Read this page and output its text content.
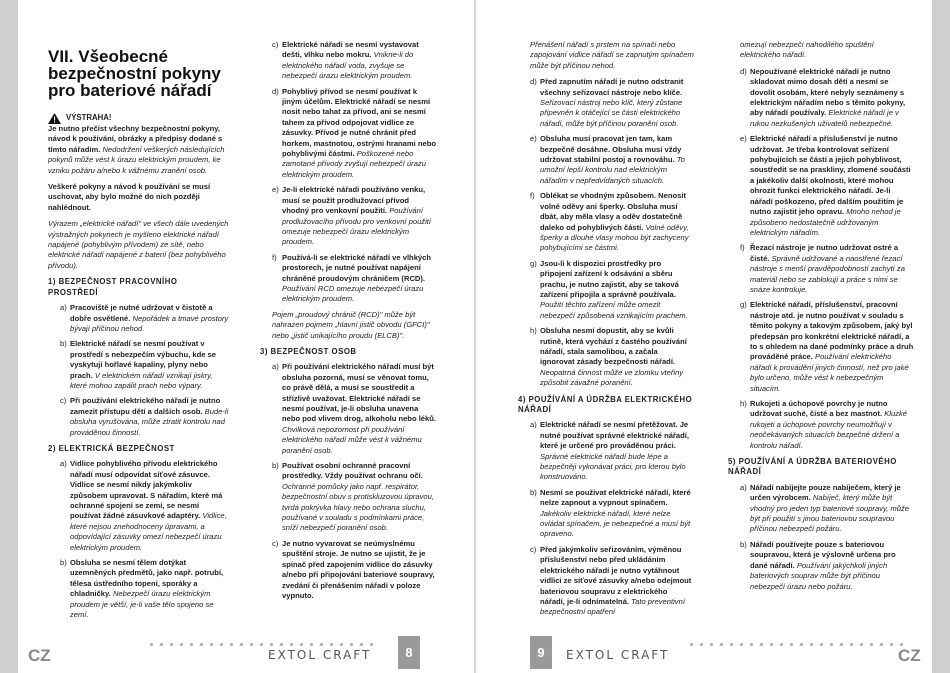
VII. Všeobecné bezpečnostní pokyny pro bateriové nářadí
VÝSTRAHA!

Je nutno přečíst všechny bezpečnostní pokyny, návod k používání, obrázky a předpisy dodané s tímto nářadím. Nedodržení veškerých následujících pokynů může vést k úrazu elektrickým proudem, ke vzniku požáru a/nebo k vážnému zranění osob.

Veškeré pokyny a návod k používání se musí uschovat, aby bylo možné do nich později nahlédnout.

Výrazem „elektrické nářadí" ve všech dále uvedených výstražných pokynech je myšleno elektrické nářadí napájené (pohyblivým přívodem) ze sítě, nebo elektrické nářadí napájené z baterií (bez pohyblivého přívodu).

1) BEZPEČNOST PRACOVNÍHO PROSTŘEDÍ
a) Pracoviště je nutné udržovat v čistotě a dobře osvětlené. Nepořádek a tmavé prostory bývají příčinou nehod.
b) Elektrické nářadí se nesmí používat v prostředí s nebezpečím výbuchu, kde se vyskytují hořlavé kapaliny, plyny nebo prach. V elektrickém nářadí vznikají jiskry, které mohou zapálit prach nebo výpary.
c) Při používání elektrického nářadí je nutno zamezit přístupu dětí a dalších osob. Bude-li obsluha vyrušována, může ztratit kontrolu nad prováděnou činností.
2) ELEKTRICKÁ BEZPEČNOST
a) Vidlice pohyblivého přívodu elektrického nářadí musí odpovídat síťové zásuvce. Vidlice se nesmí nikdy jakýmkoliv způsobem upravovat. S nářadím, které má ochranné spojení se zemí, se nesmí používat žádné zásuvkové adaptéry. Vidlice, které nejsou znehodnoceny úpravami, a odpovídající zásuvky omezí nebezpečí úrazu elektrickým proudem.
b) Obsluha se nesmí tělem dotýkat uzemněných předmětů, jako např. potrubí, tělesa ústředního topení, sporáky a chladničky. Nebezpečí úrazu elektrickým proudem je větší, je-li vaše tělo spojeno se zemí.
c) Elektrické nářadí se nesmí vystavovat dešti, vlhku nebo mokru. Vnikne-li do elektrického nářadí voda, zvyšuje se nebezpečí úrazu elektrickým proudem.
d) Pohyblivý přívod se nesmí používat k jiným účelům. Elektrické nářadí se nesmí nosit nebo tahat za přívod, ani se nesmí tahem za přívod odpojovat vidlice ze zásuvky. Přívod je nutné chránit před horkem, mastnotou, ostrými hranami nebo pohyblivými částmi. Poškozené nebo zamotané přívody zvyšují nebezpečí úrazu elektrickým proudem.
e) Je-li elektrické nářadí používáno venku, musí se použít prodlužovací přívod vhodný pro venkovní použití. Používání prodlužovacího přívodu pro venkovní použití omezuje nebezpečí úrazu elektrickým proudem.
f) Používá-li se elektrické nářadí ve vlhkých prostorech, je nutné používat napájení chráněné proudovým chráničem (RCD). Používání RCD omezuje nebezpečí úrazu elektrickým proudem.

Pojem „proudový chránič (RCD)" může být nahrazen pojmem „hlavní jistič obvodu (GFCI)" nebo „jistič unikajícího proudu (ELCB)".

3) BEZPEČNOST OSOB
a) Při používání elektrického nářadí musí být obsluha pozorná, musí se věnovat tomu, co právě dělá, a musí se soustředit a střízlivě uvažovat. Elektrické nářadí se nesmí používat, je-li obsluha unavena nebo pod vlivem drog, alkoholu nebo léků. Chvilková nepozornost při používání elektrického nářadí může vést k vážnému poranění osob.
b) Používat osobní ochranné pracovní prostředky. Vždy používat ochranu očí. Ochranné pomůcky jako např. respirátor, bezpečnostní obuv s protiskluzovou úpravou, tvrdá pokrývka hlavy nebo ochrana sluchu, používané v souladu s podmínkami práce, sníží nebezpečí poranění osob.
c) Je nutno vyvarovat se neúmyslnému spuštění stroje. Je nutno se ujistit, že je spínač před zapojením vidlice do zásuvky a/nebo při připojování bateriové soupravy, zvedání či přenášením nářadí v poloze vypnuto.

Přenášení nářadí s prstem na spínači nebo zapojování vidlice nářadí se zapnutým spínačem může být příčinou nehod.

d) Před zapnutím nářadí je nutno odstranit všechny seřizovací nástroje nebo klíče. Seřizovací nástroj nebo klíč, který zůstane připevněn k otáčející se části elektrického nářadí, může být příčinou poranění osob.
e) Obsluha musí pracovat jen tam, kam bezpečně dosáhne. Obsluha musí vždy udržovat stabilní postoj a rovnováhu. To umožní lepší kontrolu nad elektrickým nářadím v nepředvídaných situacích.
f) Oblékat se vhodným způsobem. Nenosit volné oděvy ani šperky. Obsluha musí dbát, aby měla vlasy a oděv dostatečně daleko od pohyblivých částí. Volné oděvy, šperky a dlouhé vlasy mohou být zachyceny pohybujícími se částmi.
g) Jsou-li k dispozici prostředky pro připojení zařízení k odsávání a sběru prachu, je nutno zajistit, aby se taková zařízení připojila a správně používala. Použití těchto zařízení může omezit nebezpečí způsobená vznikajícím prachem.
h) Obsluha nesmí dopustit, aby se kvůli rutině, která vychází z častého používání nářadí, stala samolibou, a začala ignorovat zásady bezpečnosti nářadí. Neopatrná činnost může ve zlomku vteřiny způsobit závažné poranění.
4) POUŽÍVÁNÍ A ÚDRŽBA ELEKTRICKÉHO NÁŘADÍ
a) Elektrické nářadí se nesmí přetěžovat. Je nutné používat správné elektrické nářadí, které je určené pro prováděnou práci. Správné elektrické nářadí bude lépe a bezpečněji vykonávat práci, pro kterou bylo konstruováno.
b) Nesmí se používat elektrické nářadí, které nelze zapnout a vypnout spínačem. Jakékoliv elektrické nářadí, které nelze ovládat spínačem, je nebezpečné a musí být opraveno.
c) Před jakýmkoliv seřizováním, výměnou příslušenství nebo před ukládáním elektrického nářadí je nutno vytáhnout vidlici ze síťové zásuvky a/nebo odejmout bateriovou soupravu z elektrického nářadí, je-li odnímatelná. Tato preventivní bezpečnostní opatření

omezují nebezpečí nahodilého spuštění elektrického nářadí.

d) Nepoužívané elektrické nářadí je nutno skladovat mimo dosah dětí a nesmí se dovolit osobám, které nebyly seznámeny s elektrickým nářadím nebo s těmito pokyny, aby nářadí používaly. Elektrické nářadí je v rukou nezkušených uživatelů nebezpečné.
e) Elektrické nářadí a příslušenství je nutno udržovat. Je třeba kontrolovat seřízení pohybujících se částí a jejich pohyblivost, soustředit se na praskliny, zlomené součásti a jakékoliv další okolnosti, které mohou ohrozit funkci elektrického nářadí. Je-li nářadí poškozeno, před dalším použitím je nutno zajistit jeho opravu. Mnoho nehod je způsobeno nedostatečně udržovaným elektrickým nářadím.
f) Řezací nástroje je nutno udržovat ostré a čisté. Správně udržované a naostřené řezací nástroje s menší pravděpodobností zachytí za materiál nebo se zablokují a práce s nimi se snáze kontroluje.
g) Elektrické nářadí, příslušenství, pracovní nástroje atd. je nutno používat v souladu s těmito pokyny a takovým způsobem, jaký byl předepsán pro konkrétní elektrické nářadí, a to s ohledem na dané podmínky práce a druh prováděné práce. Používání elektrického nářadí k provádění jiných činností, než pro jaké bylo určeno, může vést k nebezpečným situacím.
h) Rukojeti a úchopové povrchy je nutno udržovat suché, čisté a bez mastnot. Kluzké rukojeti a úchopové povrchy neumožňují v neočekávaných situacích bezpečné držení a kontrolu nářadí.
5) POUŽÍVÁNÍ A ÚDRŽBA BATERIOVÉHO NÁŘADÍ
a) Nářadí nabíjejte pouze nabíječem, který je určen výrobcem. Nabíječ, který může být vhodný pro jeden typ bateriové soupravy, může být při použití s jinou bateriovou soupravou příčinou nebezpečí požáru.
b) Nářadí používejte pouze s bateriovou soupravou, která je výslovně určena pro dané nářadí. Používání jakýchkoli jiných bateriových souprav může být příčinou nebezpečí úrazu nebo požáru.
CZ	EXTOL CRAFT	8	9	EXTOL CRAFT	CZ
